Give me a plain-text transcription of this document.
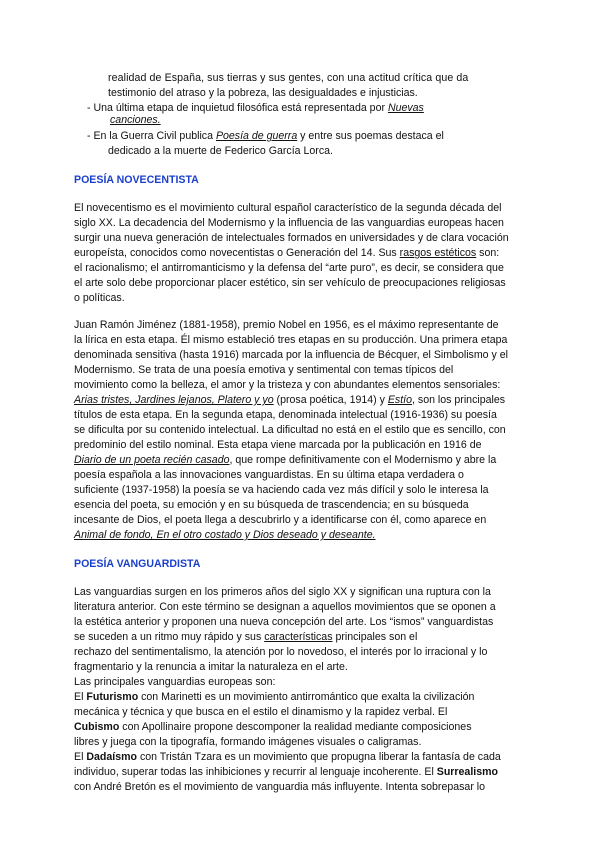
realidad de España, sus tierras y sus gentes, con una actitud crítica que da
testimonio del atraso y la pobreza, las desigualdades e injusticias.
- Una última etapa de inquietud filosófica está representada por Nuevas
canciones.
- En la Guerra Civil publica Poesía de guerra y entre sus poemas destaca el
dedicado a la muerte de Federico García Lorca.
POESÍA NOVECENTISTA
El novecentismo es el movimiento cultural español característico de la segunda década del
siglo XX. La decadencia del Modernismo y la influencia de las vanguardias europeas hacen
surgir una nueva generación de intelectuales formados en universidades y de clara vocación
europeísta, conocidos como novecentistas o Generación del 14. Sus rasgos estéticos son:
el racionalismo; el antirromanticismo y la defensa del “arte puro”, es decir, se considera que
el arte solo debe proporcionar placer estético, sin ser vehículo de preocupaciones religiosas
o políticas.
Juan Ramón Jiménez (1881-1958), premio Nobel en 1956, es el máximo representante de
la lírica en esta etapa. Él mismo estableció tres etapas en su producción. Una primera etapa
denominada sensitiva (hasta 1916) marcada por la influencia de Bécquer, el Simbolismo y el
Modernismo. Se trata de una poesía emotiva y sentimental con temas típicos del
movimiento como la belleza, el amor y la tristeza y con abundantes elementos sensoriales:
Arias tristes, Jardines lejanos, Platero y yo (prosa poética, 1914) y Estío, son los principales
títulos de esta etapa. En la segunda etapa, denominada intelectual (1916-1936) su poesía
se dificulta por su contenido intelectual. La dificultad no está en el estilo que es sencillo, con
predominio del estilo nominal. Esta etapa viene marcada por la publicación en 1916 de
Diario de un poeta recién casado, que rompe definitivamente con el Modernismo y abre la
poesía española a las innovaciones vanguardistas. En su última etapa verdadera o
suficiente (1937-1958) la poesía se va haciendo cada vez más difícil y solo le interesa la
esencia del poeta, su emoción y en su búsqueda de trascendencia; en su búsqueda
incesante de Dios, el poeta llega a descubrirlo y a identificarse con él, como aparece en
Animal de fondo, En el otro costado y Dios deseado y deseante.
POESÍA VANGUARDISTA
Las vanguardias surgen en los primeros años del siglo XX y significan una ruptura con la
literatura anterior. Con este término se designan a aquellos movimientos que se oponen a
la estética anterior y proponen una nueva concepción del arte. Los “ismos” vanguardistas
se suceden a un ritmo muy rápido y sus características principales son el
rechazo del sentimentalismo, la atención por lo novedoso, el interés por lo irracional y lo
fragmentario y la renuncia a imitar la naturaleza en el arte.
Las principales vanguardias europeas son:
El Futurismo con Marinetti es un movimiento antirromántico que exalta la civilización
mecánica y técnica y que busca en el estilo el dinamismo y la rapidez verbal. El
Cubismo con Apollinaire propone descomponer la realidad mediante composiciones
libres y juega con la tipografía, formando imágenes visuales o caligramas.
El Dadaísmo con Tristán Tzara es un movimiento que propugna liberar la fantasía de cada
individuo, superar todas las inhibiciones y recurrir al lenguaje incoherente. El Surrealismo
con André Bretón es el movimiento de vanguardia más influyente. Intenta sobrepasar lo
